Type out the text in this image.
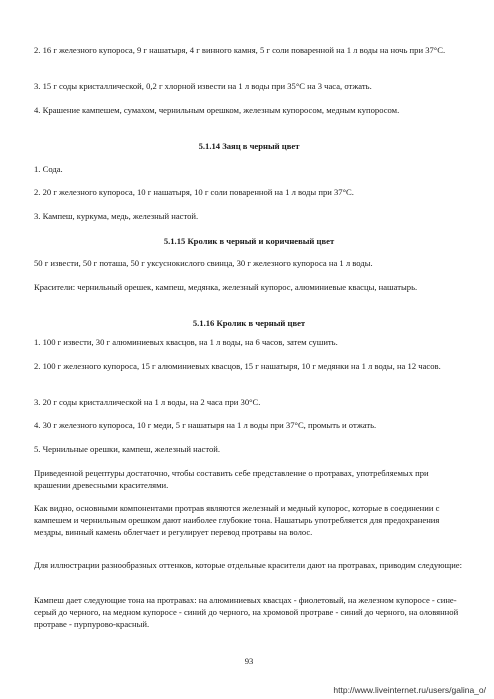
2. 16 г железного купороса, 9 г нашатыря, 4 г винного камня, 5 г соли поваренной на 1 л воды на ночь при 37°С.

3. 15 г соды кристаллической, 0,2 г хлорной извести на 1 л воды при 35°С на 3 часа, отжать.

4. Крашение кампешем, сумахом, чернильным орешком, железным купоросом, медным купоросом.

5.1.14 Заяц в черный цвет

1. Сода.

2. 20 г железного купороса, 10 г нашатыря, 10 г соли поваренной на 1 л воды при 37°С.

3. Кампеш, куркума, медь, железный настой.

5.1.15 Кролик в черный и коричневый цвет

50 г извести, 50 г поташа, 50 г уксуснокислого свинца, 30 г железного купороса на 1 л воды.

Красители: чернильный орешек, кампеш, медянка, железный купорос, алюминиевые квасцы, нашатырь.

5.1.16 Кролик в черный цвет

1. 100 г извести, 30 г алюминиевых квасцов, на 1 л воды, на 6 часов, затем сушить.

2. 100 г железного купороса, 15 г алюминиевых квасцов, 15 г нашатыря, 10 г медянки на 1 л воды, на 12 часов.

3. 20 г соды кристаллической на 1 л воды, на 2 часа при 30°С.

4. 30 г железного купороса, 10 г меди, 5 г нашатыря на 1 л воды при 37°С, промыть и отжать.

5. Чернильные орешки, кампеш, железный настой.

Приведенной рецептуры достаточно, чтобы составить себе представление о протравах, употребляемых при крашении древесными красителями.

Как видно, основными компонентами протрав являются железный и медный купорос, которые в соединении с кампешем и чернильным орешком дают наиболее глубокие тона. Нашатырь употребляется для предохранения мездры, винный камень облегчает и регулирует перевод протравы на волос.

Для иллюстрации разнообразных оттенков, которые отдельные красители дают на протравах, приводим следующие:

Кампеш дает следующие тона на протравах: на алюминиевых квасцах - фиолетовый, на железном купоросе - сине-серый до черного, на медном купоросе - синий до черного, на хромовой протраве - синий до черного, на оловянной протраве - пурпурово-красный.

93
http://www.liveinternet.ru/users/galina_o/
